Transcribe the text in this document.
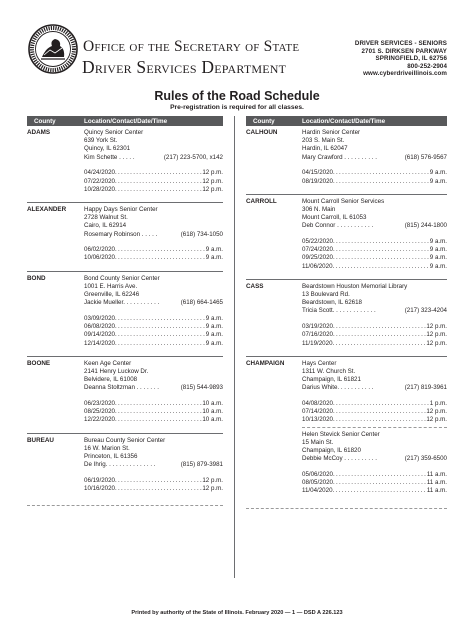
Office of the Secretary of State
Driver Services Department
DRIVER SERVICES - SENIORS
2701 S. DIRKSEN PARKWAY
SPRINGFIELD, IL 62756
800-252-2904
www.cyberdriveillinois.com
Rules of the Road Schedule
Pre-registration is required for all classes.
County	Location/Contact/Date/Time
ADAMS	Quincy Senior Center
639 York St.
Quincy, IL 62301
Kim Schette . . . . .	(217) 223-5700, x142
04/24/2020 . . .	12 p.m.
07/22/2020 . . .	12 p.m.
10/28/2020 . . .	12 p.m.
ALEXANDER	Happy Days Senior Center
2728 Walnut St.
Cairo, IL 62914
Rosemary Robinson . . . . .	(618) 734-1050
06/02/2020 . . .	9 a.m.
10/06/2020 . . .	9 a.m.
BOND	Bond County Senior Center
1001 E. Harris Ave.
Greenville, IL 62246
Jackie Mueller. . . . . . . . . . .	(618) 664-1465
03/09/2020 . . .	9 a.m.
06/08/2020 . . .	9 a.m.
09/14/2020 . . .	9 a.m.
12/14/2020 . . .	9 a.m.
BOONE	Keen Age Center
2141 Henry Luckow Dr.
Belvidere, IL 61008
Deanna Stoltzman . . . . . . .	(815) 544-9893
06/23/2020 . . .	10 a.m.
08/25/2020 . . .	10 a.m.
12/22/2020 . . .	10 a.m.
BUREAU	Bureau County Senior Center
16 W. Marion St.
Princeton, IL 61356
De Ihrig. . . . . . . . . . . . . . .	(815) 879-3981
06/19/2020 . . .	12 p.m.
10/16/2020 . . .	12 p.m.
County	Location/Contact/Date/Time
CALHOUN	Hardin Senior Center
203 S. Main St.
Hardin, IL 62047
Mary Crawford . . . . . . . . . .	(618) 576-9567
04/15/2020 . . .	9 a.m.
08/19/2020 . . .	9 a.m.
CARROLL	Mount Carroll Senior Services
306 N. Main
Mount Carroll, IL 61053
Deb Connor . . . . . . . . . . .	(815) 244-1800
05/22/2020 . . .	9 a.m.
07/24/2020 . . .	9 a.m.
09/25/2020 . . .	9 a.m.
11/06/2020 . . .	9 a.m.
CASS	Beardstown Houston Memorial Library
13 Boulevard Rd.
Beardstown, IL 62618
Tricia Scott. . . . . . . . . . . . .	(217) 323-4204
03/19/2020 . . .	12 p.m.
07/16/2020 . . .	12 p.m.
11/19/2020 . . .	12 p.m.
CHAMPAIGN	Hays Center
1311 W. Church St.
Champaign, IL 61821
Darius White. . . . . . . . . . .	(217) 819-3961
04/08/2020 . . .	1 p.m.
07/14/2020 . . .	12 p.m.
10/13/2020 . . .	12 p.m.
Helen Stevick Senior Center
15 Main St.
Champaign, IL 61820
Debbie McCoy . . . . . . . . . .	(217) 359-6500
05/06/2020 . . .	11 a.m.
08/05/2020 . . .	11 a.m.
11/04/2020 . . .	11 a.m.
Printed by authority of the State of Illinois. February 2020 — 1 — DSD A 226.123
